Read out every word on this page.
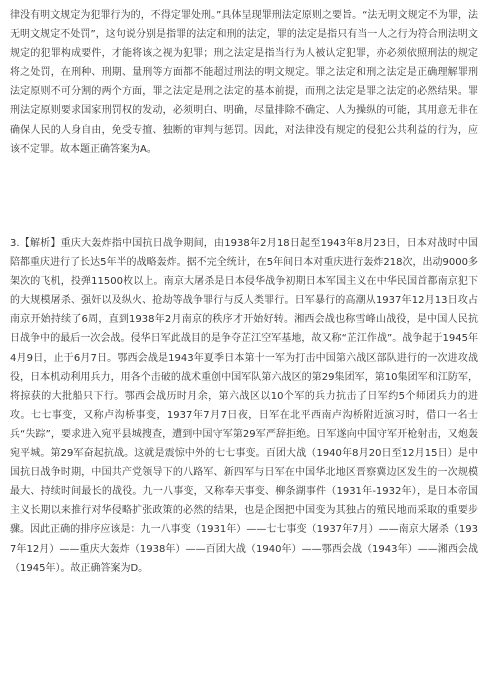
律没有明文规定为犯罪行为的，不得定罪处刑。”具体呈现罪刑法定原则之要旨。“法无明文规定不为罪，法无明文规定不处罚”，这句说分别是指罪的法定和刑的法定，罪的法定是指只有当一人之行为符合刑法明文规定的犯罪构成要件，才能将该之视为犯罪；刑之法定是指当行为人被认定犯罪，亦必须依照刑法的规定将之处罚，在刑种、刑期、量刑等方面都不能超过刑法的明文规定。罪之法定和刑之法定是正确理解罪刑法定原则不可分割的两个方面，罪之法定是刑之法定的基本前提，而刑之法定是罪之法定的必然结果。罪刑法定原则要求国家刑罚权的发动，必须明白、明确，尽量排除不确定、人为操纵的可能，其用意无非在确保人民的人身自由，免受专擅、独断的审判与惩罚。因此，对法律没有规定的侵犯公共利益的行为，应该不定罪。故本题正确答案为A。
3.【解析】重庆大轰炸指中国抗日战争期间，由1938年2月18日起至1943年8月23日，日本对战时中国陪都重庆进行了长达5年半的战略轰炸。据不完全统计，在5年间日本对重庆进行轰炸218次，出动9000多架次的飞机，投弹11500枚以上。南京大屠杀是日本侵华战争初期日本军国主义在中华民国首都南京犯下的大规模屠杀、强奸以及纵火、抢劫等战争罪行与反人类罪行。日军暴行的高潮从1937年12月13日攻占南京开始持续了6周，直到1938年2月南京的秩序才开始好转。湘西会战也称雪峰山战役，是中国人民抗日战争中的最后一次会战。侵华日军此战目的是争夺芷江空军基地，故又称“芷江作战”。战争起于1945年4月9日，止于6月7日。鄂西会战是1943年夏季日本第十一军为打击中国第六战区部队进行的一次进攻战役，日本机动利用兵力，用各个击破的战术重创中国军队第六战区的第29集团军，第10集团军和江防军，将掠获的大批船只下行。鄂西会战历时月余，第六战区以10个军的兵力抗击了日军约5个师团兵力的进攻。七七事变，又称卢沟桥事变，1937年7月7日夜，日军在北平西南卢沟桥附近演习时，借口一名士兵“失踪”，要求进入宛平县城搜查，遭到中国守军第29军严辞拒绝。日军遂向中国守军开枪射击，又炮轰宛平城。第29军奋起抗战。这就是震惊中外的七七事变。百团大战（1940年8月20日至12月15日）是中国抗日战争时期，中国共产党领导下的八路军、新四军与日军在中国华北地区晋察冀边区发生的一次规模最大、持续时间最长的战役。九一八事变，又称奉天事变、柳条湖事件（1931年-1932年），是日本帝国主义长期以来推行对华侵略扩张政策的必然的结果，也是企图把中国变为其独占的殖民地而采取的重要步骤。因此正确的排序应该是：九一八事变（1931年）——七七事变（1937年7月）——南京大屠杀（1937年12月）——重庆大轰炸（1938年）——百团大战（1940年）——鄂西会战（1943年）——湘西会战（1945年）。故正确答案为D。
